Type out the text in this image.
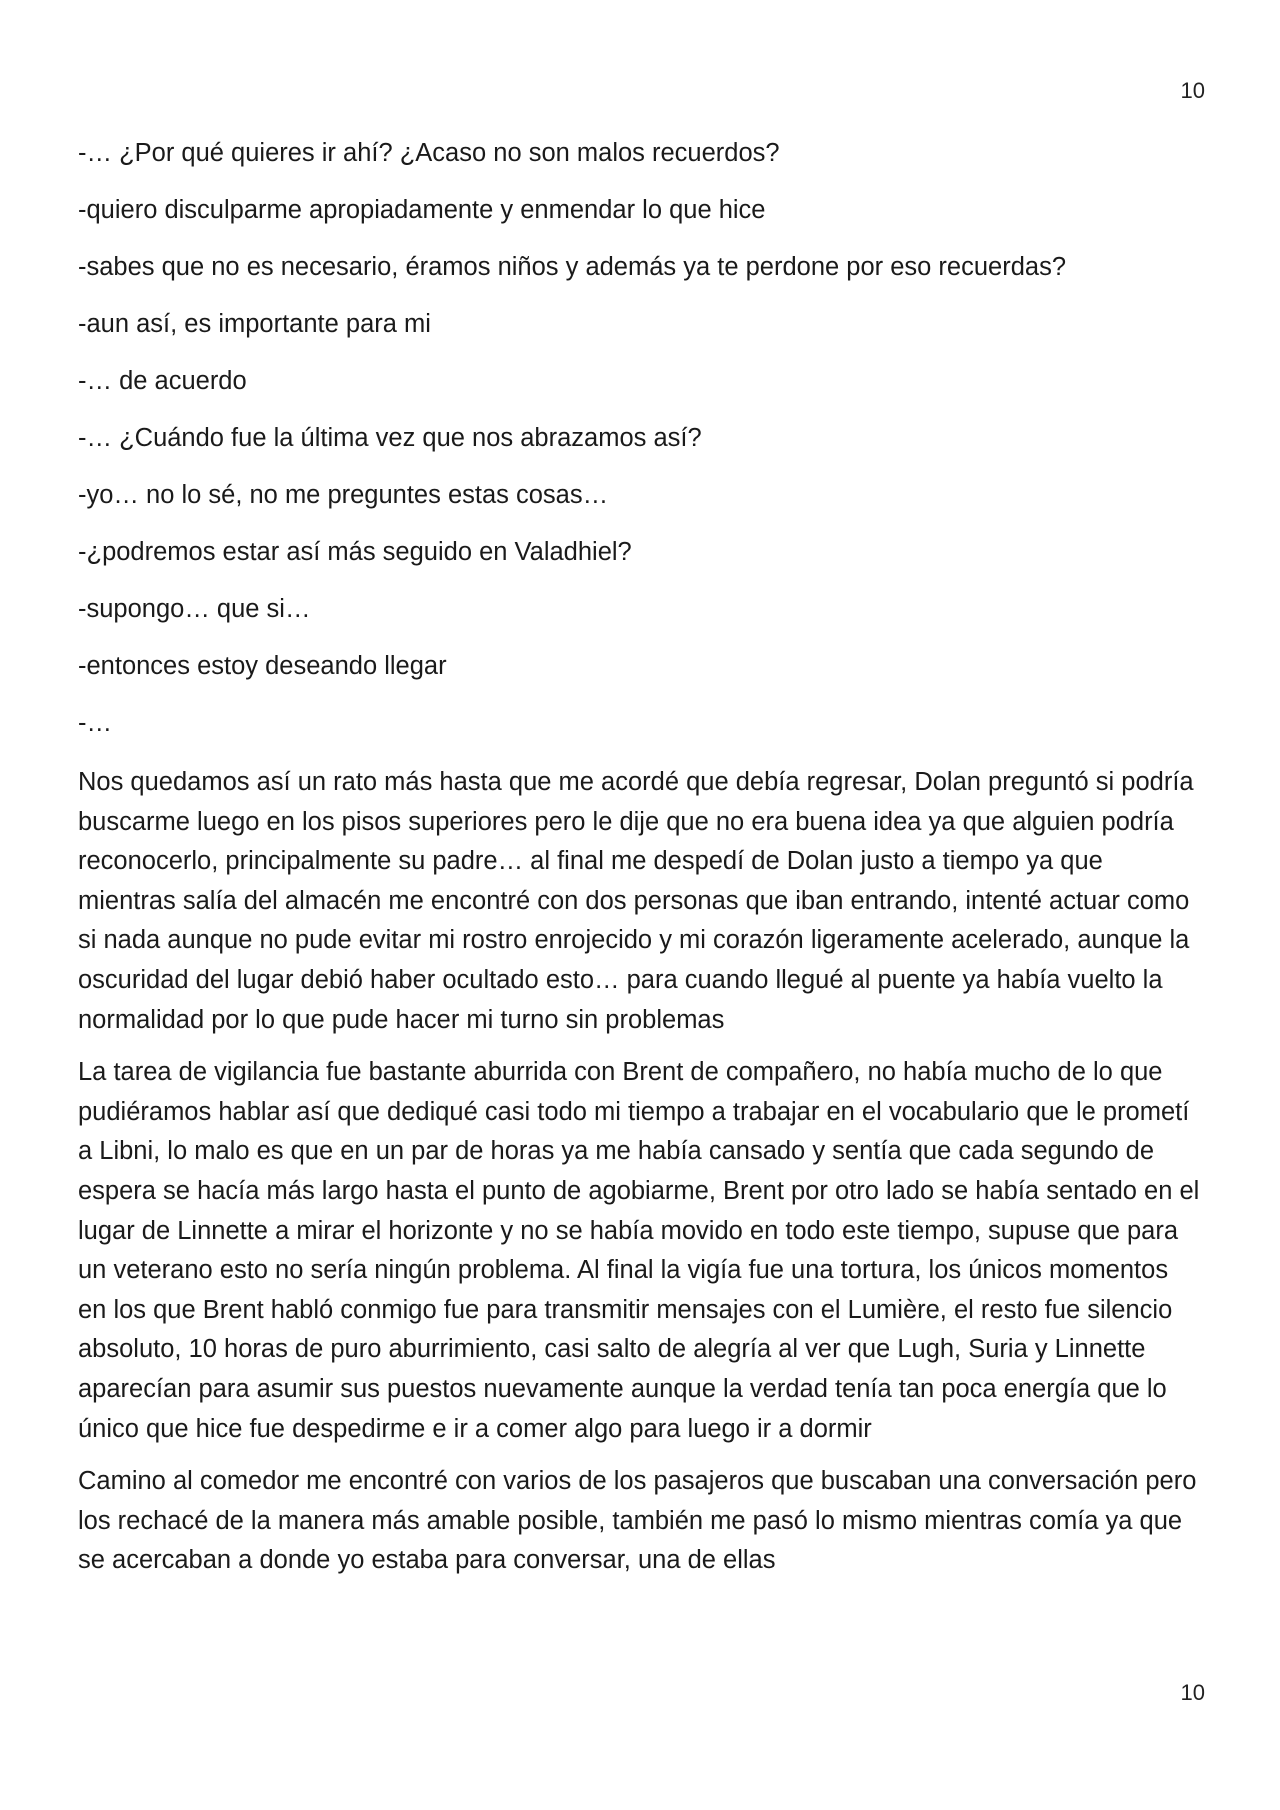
10

-… ¿Por qué quieres ir ahí? ¿Acaso no son malos recuerdos?

-quiero disculparme apropiadamente y enmendar lo que hice

-sabes que no es necesario, éramos niños y además ya te perdone por eso recuerdas?

-aun así, es importante para mi

-… de acuerdo

-… ¿Cuándo fue la última vez que nos abrazamos así?

-yo… no lo sé, no me preguntes estas cosas…

-¿podremos estar así más seguido en Valadhiel?

-supongo… que si…

-entonces estoy deseando llegar

-…

Nos quedamos así un rato más hasta que me acordé que debía regresar, Dolan preguntó si podría buscarme luego en los pisos superiores pero le dije que no era buena idea ya que alguien podría reconocerlo, principalmente su padre… al final me despedí de Dolan justo a tiempo ya que mientras salía del almacén me encontré con dos personas que iban entrando, intenté actuar como si nada aunque no pude evitar mi rostro enrojecido y mi corazón ligeramente acelerado, aunque la oscuridad del lugar debió haber ocultado esto… para cuando llegué al puente ya había vuelto la normalidad por lo que pude hacer mi turno sin problemas

La tarea de vigilancia fue bastante aburrida con Brent de compañero, no había mucho de lo que pudiéramos hablar así que dediqué casi todo mi tiempo a trabajar en el vocabulario que le prometí a Libni, lo malo es que en un par de horas ya me había cansado y sentía que cada segundo de espera se hacía más largo hasta el punto de agobiarme, Brent por otro lado se había sentado en el lugar de Linnette a mirar el horizonte y no se había movido en todo este tiempo, supuse que para un veterano esto no sería ningún problema. Al final la vigía fue una tortura, los únicos momentos en los que Brent habló conmigo fue para transmitir mensajes con el Lumière, el resto fue silencio absoluto, 10 horas de puro aburrimiento, casi salto de alegría al ver que Lugh, Suria y Linnette aparecían para asumir sus puestos nuevamente aunque la verdad tenía tan poca energía que lo único que hice fue despedirme e ir a comer algo para luego ir a dormir

Camino al comedor me encontré con varios de los pasajeros que buscaban una conversación pero los rechacé de la manera más amable posible, también me pasó lo mismo mientras comía ya que se acercaban a donde yo estaba para conversar, una de ellas

10
